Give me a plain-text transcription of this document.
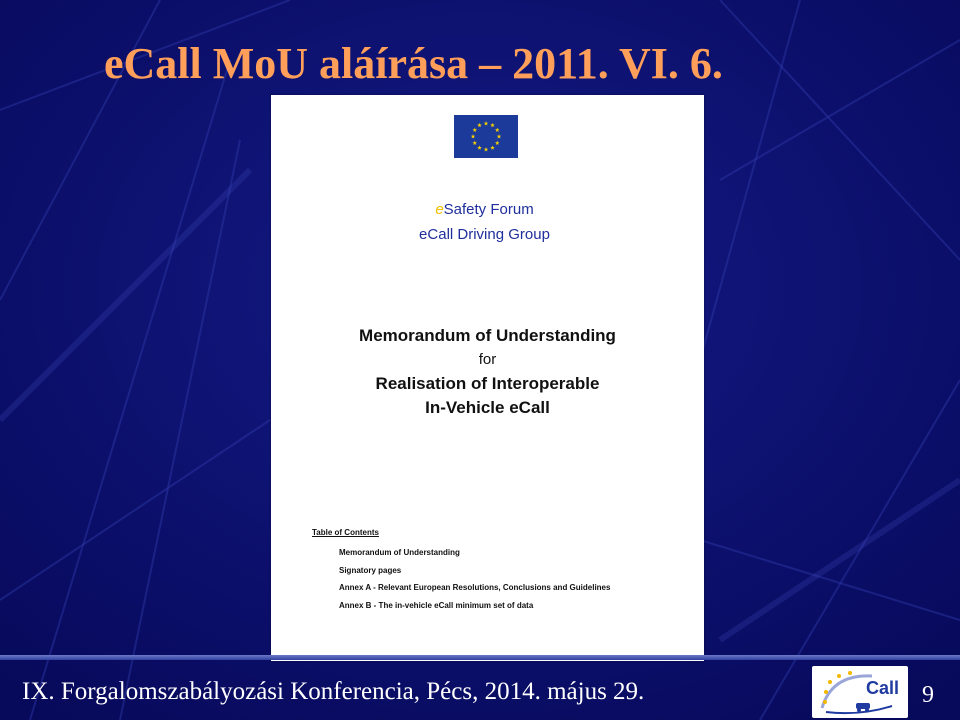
eCall MoU aláírása – 2011. VI. 6.
eSafety Forum
eCall Driving Group
Memorandum of Understanding
for
Realisation of Interoperable
In-Vehicle eCall
Table of Contents
Memorandum of Understanding
Signatory pages
Annex A - Relevant European Resolutions, Conclusions and Guidelines
Annex B - The in-vehicle eCall minimum set of data
IX. Forgalomszabályozási Konferencia, Pécs, 2014. május 29.	Call 9
